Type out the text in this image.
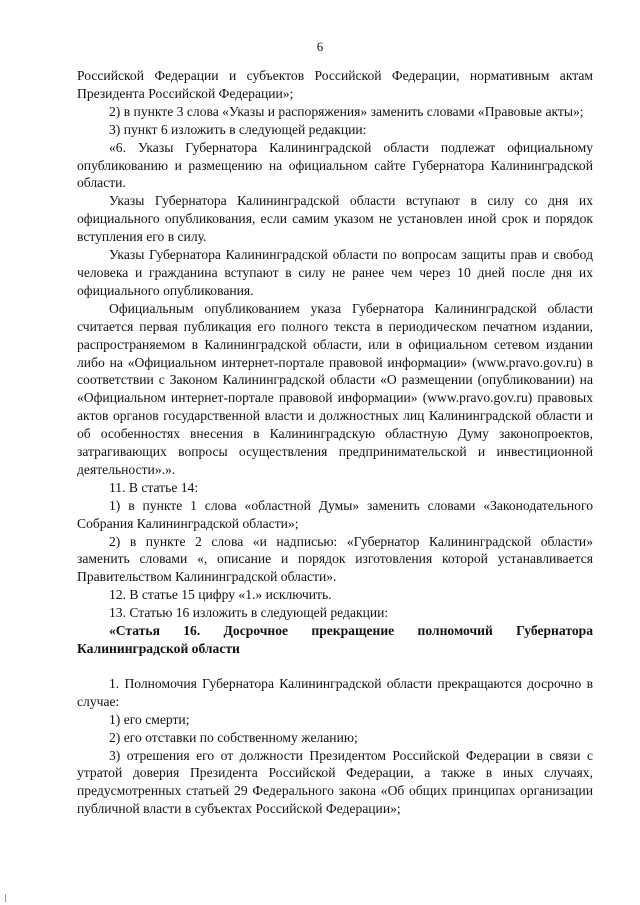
6

Российской Федерации и субъектов Российской Федерации, нормативным актам Президента Российской Федерации»;

2) в пункте 3 слова «Указы и распоряжения» заменить словами «Правовые акты»;

3) пункт 6 изложить в следующей редакции:

«6. Указы Губернатора Калининградской области подлежат официальному опубликованию и размещению на официальном сайте Губернатора Калининградской области.

Указы Губернатора Калининградской области вступают в силу со дня их официального опубликования, если самим указом не установлен иной срок и порядок вступления его в силу.

Указы Губернатора Калининградской области по вопросам защиты прав и свобод человека и гражданина вступают в силу не ранее чем через 10 дней после дня их официального опубликования.

Официальным опубликованием указа Губернатора Калининградской области считается первая публикация его полного текста в периодическом печатном издании, распространяемом в Калининградской области, или в официальном сетевом издании либо на «Официальном интернет-портале правовой информации» (www.pravo.gov.ru) в соответствии с Законом Калининградской области «О размещении (опубликовании) на «Официальном интернет-портале правовой информации» (www.pravo.gov.ru) правовых актов органов государственной власти и должностных лиц Калининградской области и об особенностях внесения в Калининградскую областную Думу законопроектов, затрагивающих вопросы осуществления предпринимательской и инвестиционной деятельности».».

11. В статье 14:

1) в пункте 1 слова «областной Думы» заменить словами «Законодательного Собрания Калининградской области»;

2) в пункте 2 слова «и надписью: «Губернатор Калининградской области» заменить словами «, описание и порядок изготовления которой устанавливается Правительством Калининградской области».

12. В статье 15 цифру «1.» исключить.

13. Статью 16 изложить в следующей редакции:

«Статья 16. Досрочное прекращение полномочий Губернатора Калининградской области

1. Полномочия Губернатора Калининградской области прекращаются досрочно в случае:

1) его смерти;

2) его отставки по собственному желанию;

3) отрешения его от должности Президентом Российской Федерации в связи с утратой доверия Президента Российской Федерации, а также в иных случаях, предусмотренных статьей 29 Федерального закона «Об общих принципах организации публичной власти в субъектах Российской Федерации»;
